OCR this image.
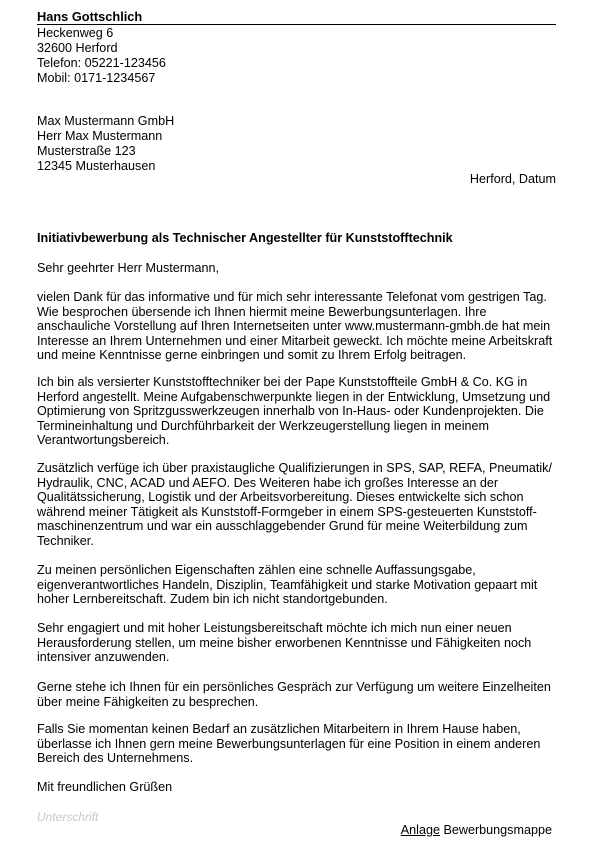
Hans Gottschlich
Heckenweg 6
32600 Herford
Telefon: 05221-123456
Mobil: 0171-1234567
Max Mustermann GmbH
Herr Max Mustermann
Musterstraße 123
12345 Musterhausen
Herford, Datum
Initiativbewerbung als Technischer Angestellter für Kunststofftechnik
Sehr geehrter Herr Mustermann,
vielen Dank für das informative und für mich sehr interessante Telefonat vom gestrigen Tag.
Wie besprochen übersende ich Ihnen hiermit meine Bewerbungsunterlagen. Ihre
anschauliche Vorstellung auf Ihren Internetseiten unter www.mustermann-gmbh.de hat mein
Interesse an Ihrem Unternehmen und einer Mitarbeit geweckt. Ich möchte meine Arbeitskraft
und meine Kenntnisse gerne einbringen und somit zu Ihrem Erfolg beitragen.
Ich bin als versierter Kunststofftechniker bei der Pape Kunststoffteile GmbH & Co. KG in
Herford angestellt. Meine Aufgabenschwerpunkte liegen in der Entwicklung, Umsetzung und
Optimierung von Spritzgusswerkzeugen innerhalb von In-Haus- oder Kundenprojekten. Die
Termineinhaltung und Durchführbarkeit der Werkzeugerstellung liegen in meinem
Verantwortungsbereich.
Zusätzlich verfüge ich über praxistaugliche Qualifizierungen in SPS, SAP, REFA, Pneumatik/
Hydraulik, CNC, ACAD und AEFO. Des Weiteren habe ich großes Interesse an der
Qualitätssicherung, Logistik und der Arbeitsvorbereitung. Dieses entwickelte sich schon
während meiner Tätigkeit als Kunststoff-Formgeber in einem SPS-gesteuerten Kunststoff-
maschinenzentrum und war ein ausschlaggebender Grund für meine Weiterbildung zum
Techniker.
Zu meinen persönlichen Eigenschaften zählen eine schnelle Auffassungsgabe,
eigenverantwortliches Handeln, Disziplin, Teamfähigkeit und starke Motivation gepaart mit
hoher Lernbereitschaft. Zudem bin ich nicht standortgebunden.
Sehr engagiert und mit hoher Leistungsbereitschaft möchte ich mich nun einer neuen
Herausforderung stellen, um meine bisher erworbenen Kenntnisse und Fähigkeiten noch
intensiver anzuwenden.
Gerne stehe ich Ihnen für ein persönliches Gespräch zur Verfügung um weitere Einzelheiten
über meine Fähigkeiten zu besprechen.
Falls Sie momentan keinen Bedarf an zusätzlichen Mitarbeitern in Ihrem Hause haben,
überlasse ich Ihnen gern meine Bewerbungsunterlagen für eine Position in einem anderen
Bereich des Unternehmens.
Mit freundlichen Grüßen
Unterschrift
Anlage Bewerbungsmappe
